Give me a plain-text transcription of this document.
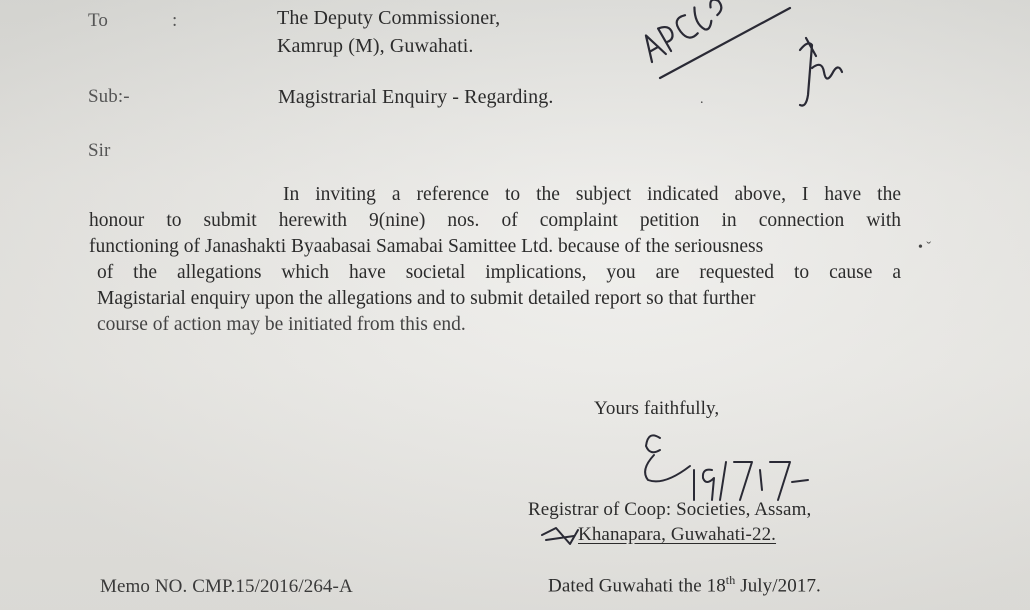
To	:	The Deputy Commissioner,
Kamrup (M), Guwahati.
Sub:-	Magistrarial Enquiry - Regarding.
Sir
In inviting a reference to the subject indicated above, I have the
honour to submit herewith 9(nine) nos. of complaint petition in connection with
functioning of Janashakti Byaabasai Samabai Samittee Ltd. because of the seriousness
of the allegations which have societal implications, you are requested to cause a
Magistarial enquiry upon the allegations and to submit detailed report so that further
course of action may be initiated from this end.
• ˇ
.
Yours faithfully,
Registrar of Coop: Societies, Assam,
Khanapara, Guwahati-22.
Memo NO. CMP.15/2016/264-A	Dated Guwahati the 18th July/2017.
